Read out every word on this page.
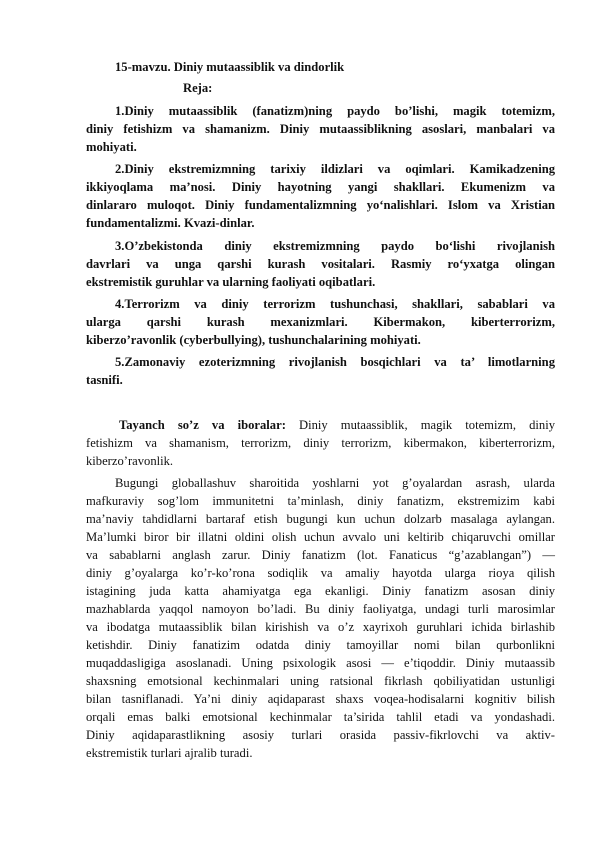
15-mavzu. Diniy mutaassiblik va dindorlik
Reja:
1.Diniy mutaassiblik (fanatizm)ning paydo bo’lishi, magik totemizm,
diniy fetishizm va shamanizm. Diniy mutaassiblikning asoslari, manbalari va
mohiyati.
2.Diniy ekstremizmning tarixiy ildizlari va oqimlari. Kamikadzening
ikkiyoqlama ma’nosi. Diniy hayotning yangi shakllari. Ekumenizm va
dinlararo muloqot. Diniy fundamentalizmning yo‘nalishlari. Islom va Xristian
fundamentalizmi. Kvazi-dinlar.
3.O’zbekistonda diniy ekstremizmning paydo bo‘lishi rivojlanish
davrlari va unga qarshi kurash vositalari. Rasmiy ro‘yxatga olingan
ekstremistik guruhlar va ularning faoliyati oqibatlari.
4.Terrorizm va diniy terrorizm tushunchasi, shakllari, sabablari va
ularga qarshi kurash mexanizmlari. Kibermakon, kiberterrorizm,
kiberzo’ravonlik (cyberbullying), tushunchalarining mohiyati.
5.Zamonaviy ezoterizmning rivojlanish bosqichlari va ta’ limotlarning
tasnifi.
Tayanch so’z va iboralar: Diniy mutaassiblik, magik totemizm, diniy
fetishizm va shamanism, terrorizm, diniy terrorizm, kibermakon, kiberterrorizm,
kiberzo’ravonlik.
Bugungi globallashuv sharoitida yoshlarni yot g’oyalardan asrash, ularda
mafkuraviy sog’lom immunitetni ta’minlash, diniy fanatizm, ekstremizim kabi
ma’naviy tahdidlarni bartaraf etish bugungi kun uchun dolzarb masalaga aylangan.
Ma’lumki biror bir illatni oldini olish uchun avvalo uni keltirib chiqaruvchi omillar
va sabablarni anglash zarur. Diniy fanatizm (lot. Fanaticus “g’azablangan”) —
diniy g’oyalarga ko’r-ko’rona sodiqlik va amaliy hayotda ularga rioya qilish
istagining juda katta ahamiyatga ega ekanligi. Diniy fanatizm asosan diniy
mazhablarda yaqqol namoyon bo’ladi. Bu diniy faoliyatga, undagi turli marosimlar
va ibodatga mutaassiblik bilan kirishish va o’z xayrixoh guruhlari ichida birlashib
ketishdir. Diniy fanatizim odatda diniy tamoyillar nomi bilan qurbonlikni
muqaddasligiga asoslanadi. Uning psixologik asosi — e’tiqoddir. Diniy mutaassib
shaxsning emotsional kechinmalari uning ratsional fikrlash qobiliyatidan ustunligi
bilan tasniflanadi. Ya’ni diniy aqidaparast shaxs voqea-hodisalarni kognitiv bilish
orqali emas balki emotsional kechinmalar ta’sirida tahlil etadi va yondashadi.
Diniy aqidaparastlikning asosiy turlari orasida passiv-fikrlovchi va aktiv-
ekstremistik turlari ajralib turadi.
